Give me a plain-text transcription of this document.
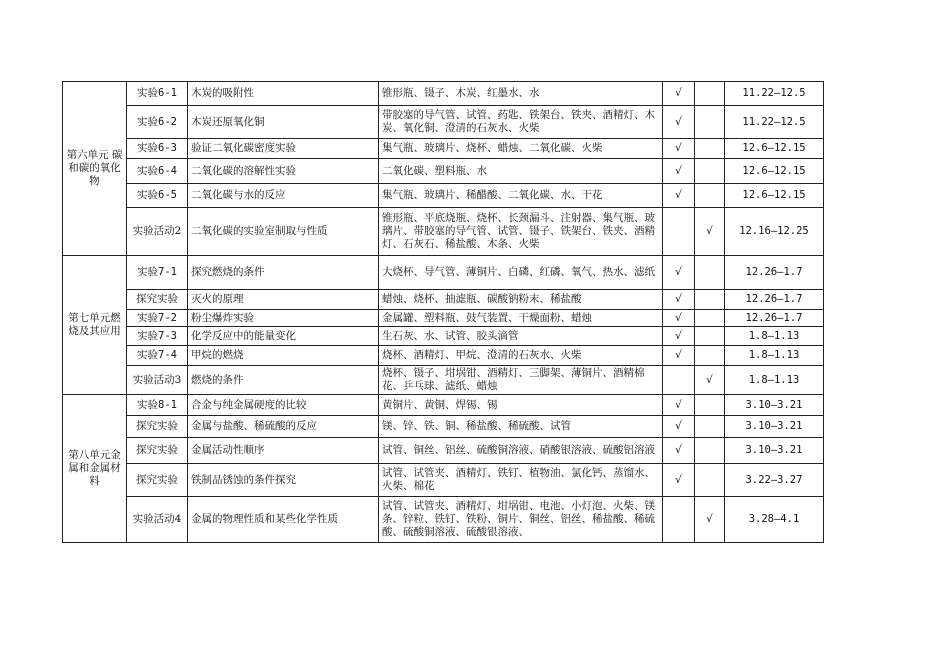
第六单元 碳和碳的氧化物	实验6-1	木炭的吸附性	锥形瓶、镊子、木炭、红墨水、水	√		11.22—12.5
	实验6-2	木炭还原氧化铜	带胶塞的导气管、试管、药匙、铁架台、铁夹、酒精灯、木炭、氧化铜、澄清的石灰水、火柴	√		11.22—12.5
	实验6-3	验证二氧化碳密度实验	集气瓶、玻璃片、烧杯、蜡烛、二氧化碳、火柴	√		12.6—12.15
	实验6-4	二氧化碳的溶解性实验	二氧化碳、塑料瓶、水	√		12.6—12.15
	实验6-5	二氧化碳与水的反应	集气瓶、玻璃片、稀醋酸、二氧化碳、水、干花	√		12.6—12.15
	实验活动2	二氧化碳的实验室制取与性质	锥形瓶、平底烧瓶、烧杯、长颈漏斗、注射器、集气瓶、玻璃片、带胶塞的导气管、试管、镊子、铁架台、铁夹、酒精灯、石灰石、稀盐酸、木条、火柴		√	12.16—12.25
第七单元燃烧及其应用	实验7-1	探究燃烧的条件	大烧杯、导气管、薄铜片、白磷、红磷、氧气、热水、滤纸	√		12.26—1.7
	探究实验	灭火的原理	蜡烛、烧杯、抽滤瓶、碳酸钠粉末、稀盐酸	√		12.26—1.7
	实验7-2	粉尘爆炸实验	金属罐、塑料瓶、鼓气装置、干燥面粉、蜡烛	√		12.26—1.7
	实验7-3	化学反应中的能量变化	生石灰、水、试管、胶头滴管	√		1.8—1.13
	实验7-4	甲烷的燃烧	烧杯、酒精灯、甲烷、澄清的石灰水、火柴	√		1.8—1.13
	实验活动3	燃烧的条件	烧杯、镊子、坩埚钳、酒精灯、三脚架、薄铜片、酒精棉花、乒乓球、滤纸、蜡烛		√	1.8—1.13
第八单元金属和金属材料	实验8-1	合金与纯金属硬度的比较	黄铜片、黄铜、焊锡、锡	√		3.10—3.21
	探究实验	金属与盐酸、稀硫酸的反应	镁、锌、铁、铜、稀盐酸、稀硫酸、试管	√		3.10—3.21
	探究实验	金属活动性顺序	试管、铜丝、铝丝、硫酸铜溶液、硝酸银溶液、硫酸铝溶液	√		3.10—3.21
	探究实验	铁制品锈蚀的条件探究	试管、试管夹、酒精灯、铁钉、植物油、氯化钙、蒸馏水、火柴、棉花	√		3.22—3.27
	实验活动4	金属的物理性质和某些化学性质	试管、试管夹、酒精灯、坩埚钳、电池、小灯泡、火柴、镁条、锌粒、铁钉、铁粉、铜片、铜丝、铝丝、稀盐酸、稀硫酸、硫酸铜溶液、硫酸银溶液、		√	3.28—4.1
